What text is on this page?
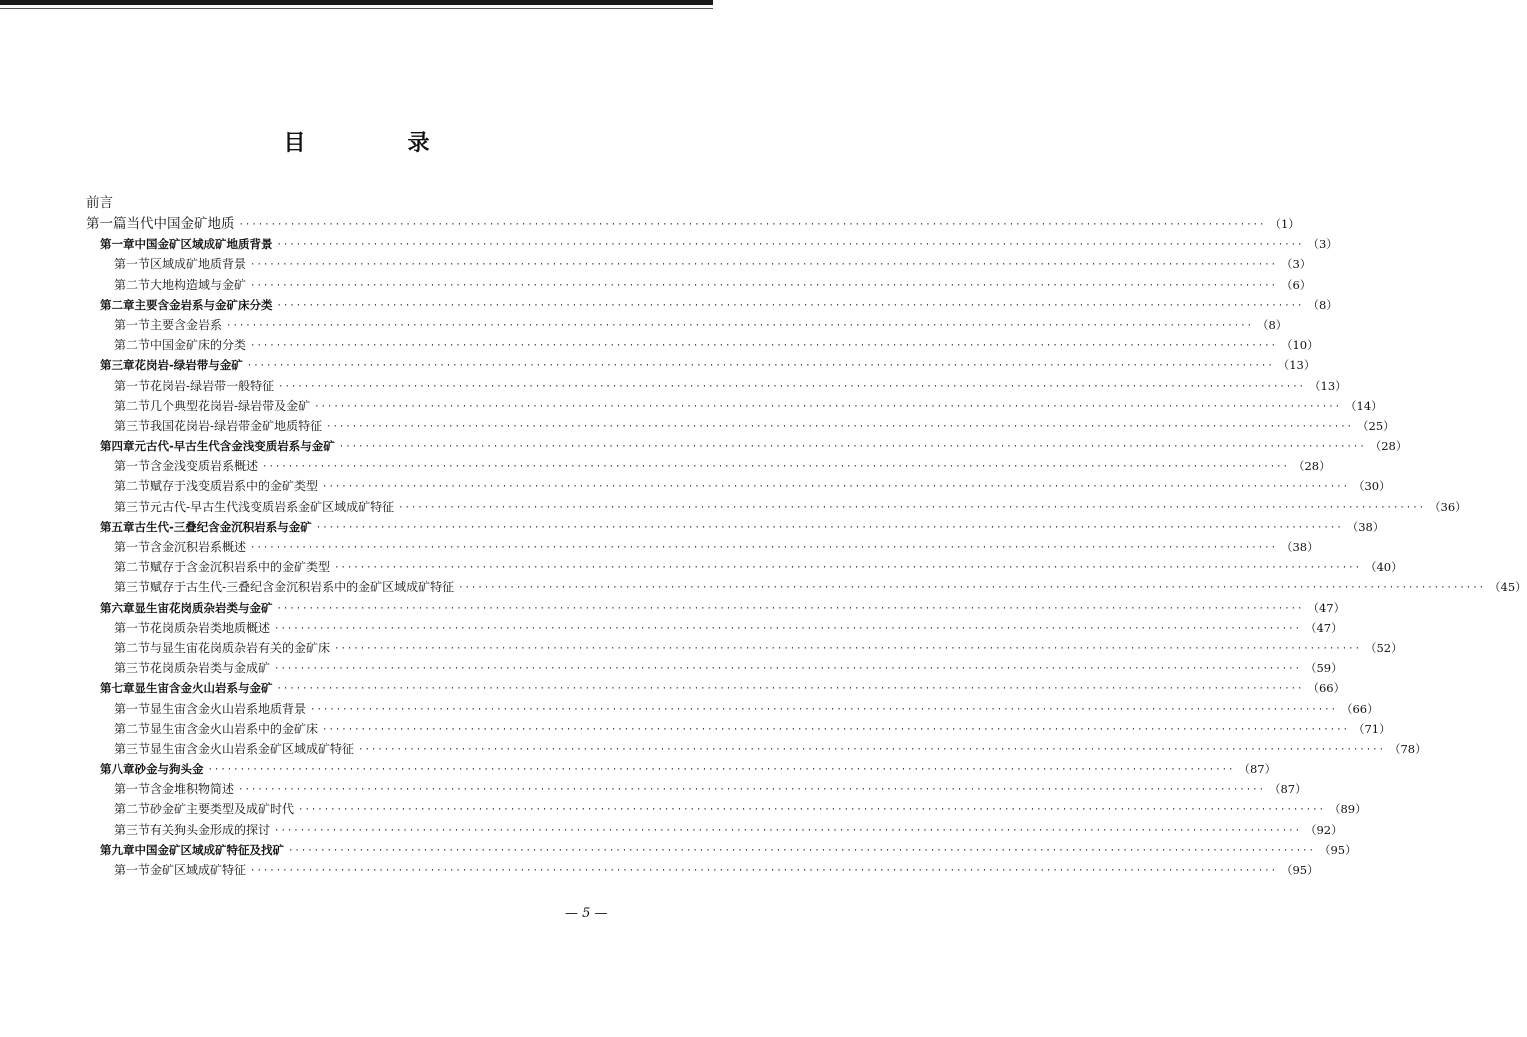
目　录
前言
第一篇 当代中国金矿地质 ································································································································································ （1）
第一章 中国金矿区域成矿地质背景 ································································································································································ （3）
第一节 区域成矿地质背景 ································································································································································ （3）
第二节 大地构造域与金矿 ································································································································································ （6）
第二章 主要含金岩系与金矿床分类 ································································································································································ （8）
第一节 主要含金岩系 ································································································································································ （8）
第二节 中国金矿床的分类 ································································································································································ （10）
第三章 花岗岩-绿岩带与金矿 ································································································································································ （13）
第一节 花岗岩-绿岩带一般特征 ································································································································································ （13）
第二节 几个典型花岗岩-绿岩带及金矿 ································································································································································ （14）
第三节 我国花岗岩-绿岩带金矿地质特征 ································································································································································ （25）
第四章 元古代-早古生代含金浅变质岩系与金矿 ································································································································································ （28）
第一节 含金浅变质岩系概述 ································································································································································ （28）
第二节 赋存于浅变质岩系中的金矿类型 ································································································································································ （30）
第三节 元古代-早古生代浅变质岩系金矿区域成矿特征 ································································································································································ （36）
第五章 古生代-三叠纪含金沉积岩系与金矿 ································································································································································ （38）
第一节 含金沉积岩系概述 ································································································································································ （38）
第二节 赋存于含金沉积岩系中的金矿类型 ································································································································································ （40）
第三节 赋存于古生代-三叠纪含金沉积岩系中的金矿区域成矿特征 ································································································································································ （45）
第六章 显生宙花岗质杂岩类与金矿 ································································································································································ （47）
第一节 花岗质杂岩类地质概述 ································································································································································ （47）
第二节 与显生宙花岗质杂岩有关的金矿床 ································································································································································ （52）
第三节 花岗质杂岩类与金成矿 ································································································································································ （59）
第七章 显生宙含金火山岩系与金矿 ································································································································································ （66）
第一节 显生宙含金火山岩系地质背景 ································································································································································ （66）
第二节 显生宙含金火山岩系中的金矿床 ································································································································································ （71）
第三节 显生宙含金火山岩系金矿区域成矿特征 ································································································································································ （78）
第八章 砂金与狗头金 ································································································································································ （87）
第一节 含金堆积物简述 ································································································································································ （87）
第二节 砂金矿主要类型及成矿时代 ································································································································································ （89）
第三节 有关狗头金形成的探讨 ································································································································································ （92）
第九章 中国金矿区域成矿特征及找矿 ································································································································································ （95）
第一节 金矿区域成矿特征 ································································································································································ （95）
— 5 —
